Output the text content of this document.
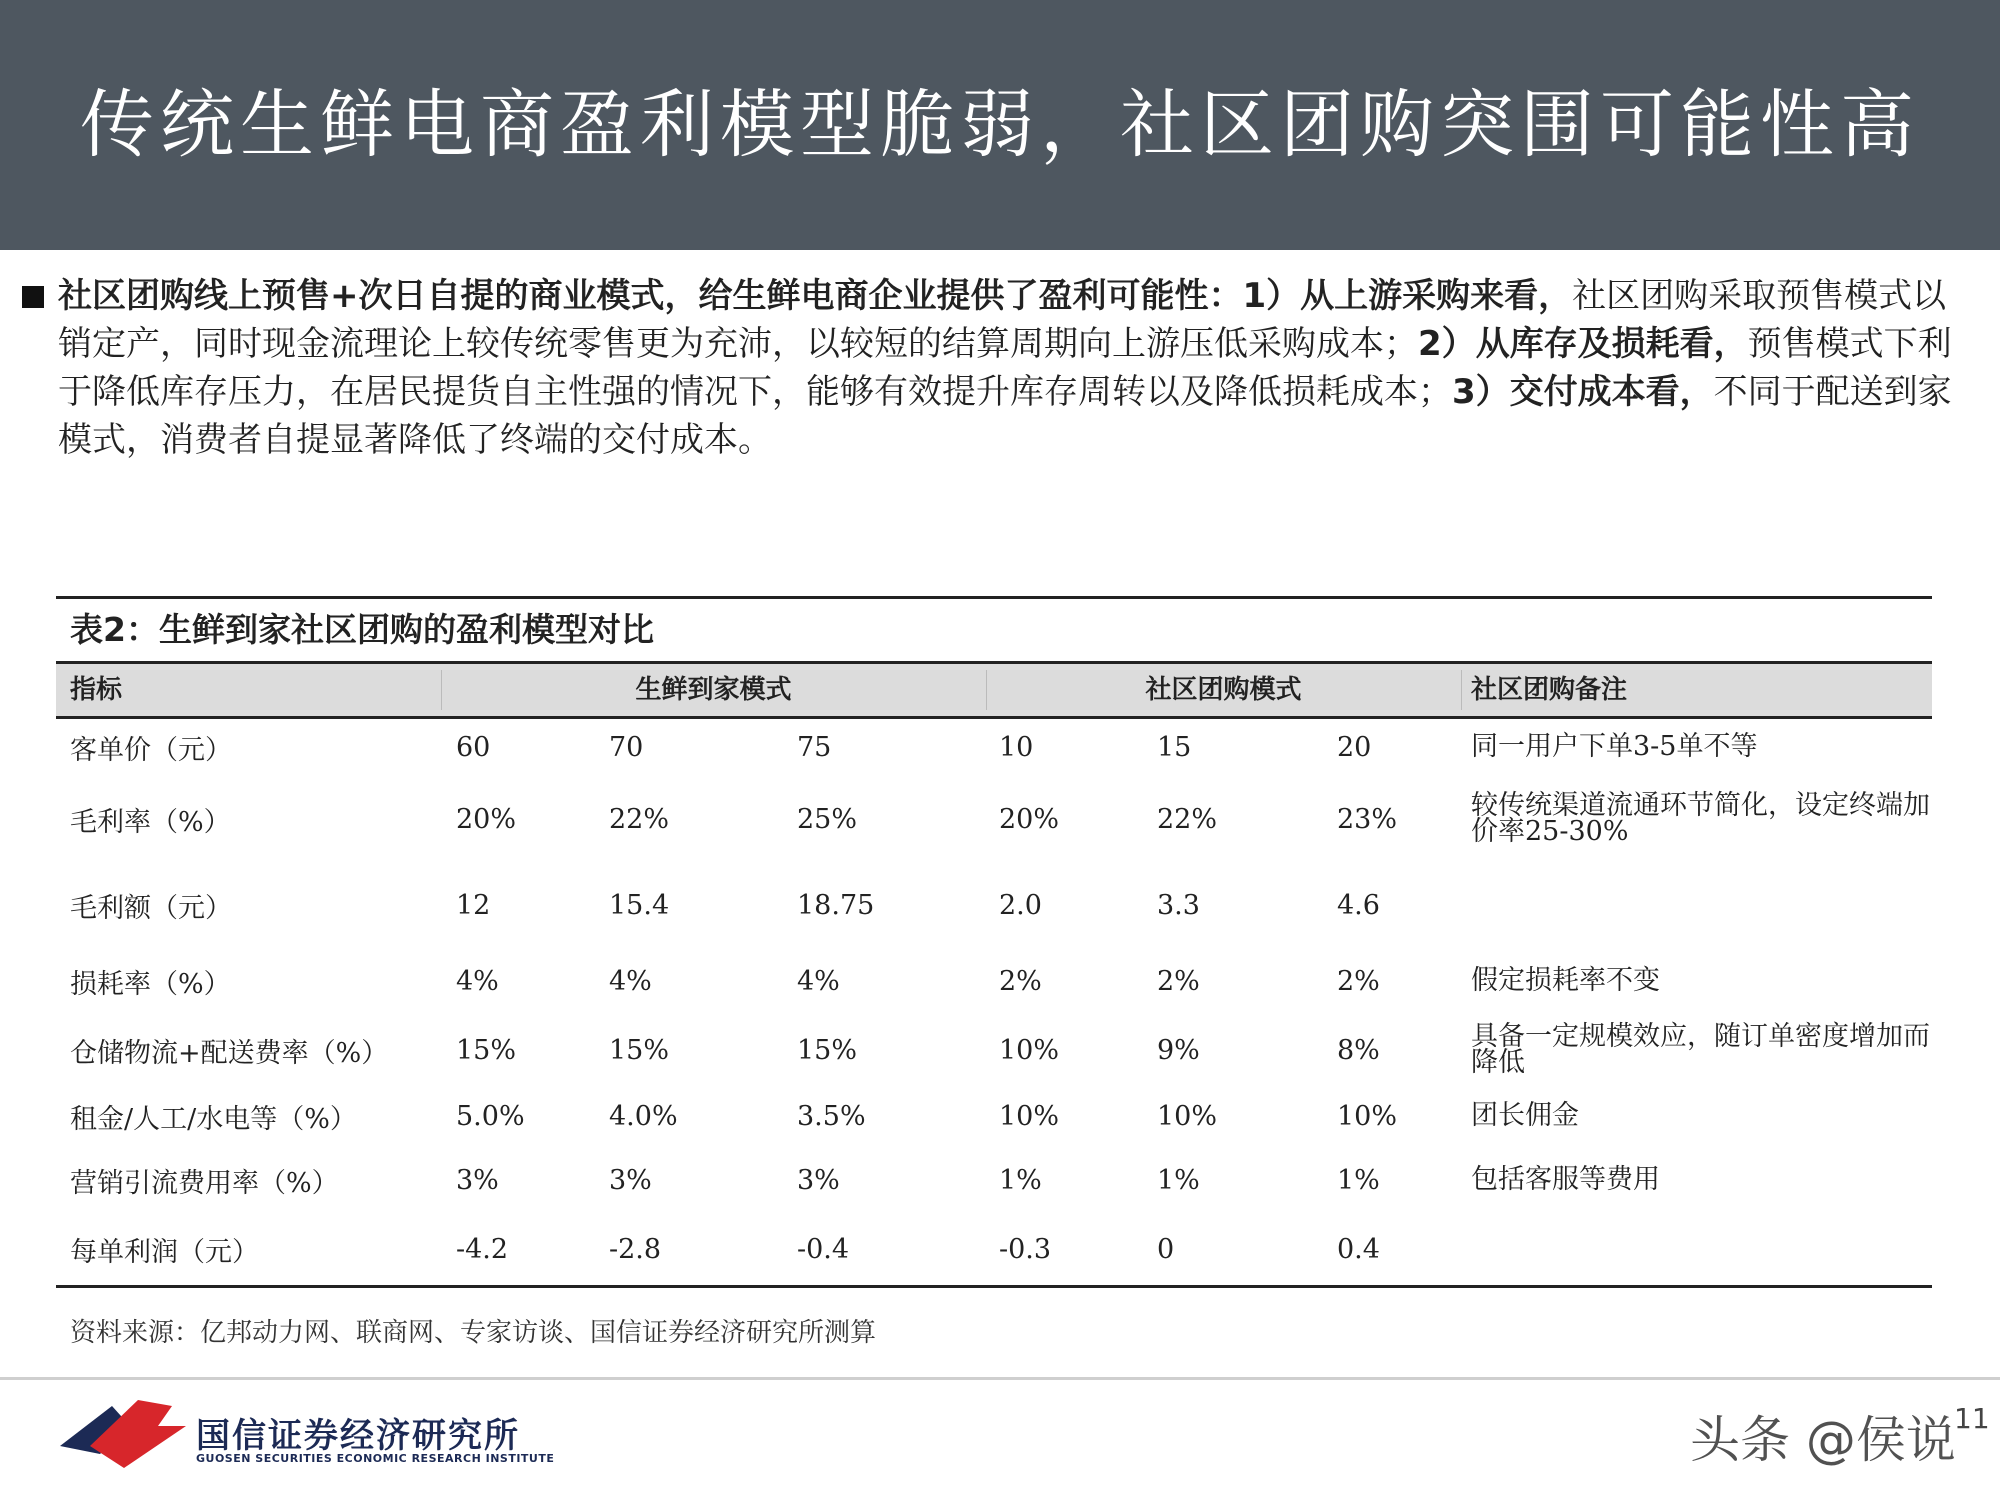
传统生鲜电商盈利模型脆弱，社区团购突围可能性高
社区团购线上预售+次日自提的商业模式，给生鲜电商企业提供了盈利可能性：1）从上游采购来看，社区团购采取预售模式以销定产，同时现金流理论上较传统零售更为充沛，以较短的结算周期向上游压低采购成本；2）从库存及损耗看，预售模式下利于降低库存压力，在居民提货自主性强的情况下，能够有效提升库存周转以及降低损耗成本；3）交付成本看，不同于配送到家模式，消费者自提显著降低了终端的交付成本。
表2：生鲜到家社区团购的盈利模型对比
指标	生鲜到家模式	社区团购模式	社区团购备注
客单价（元）	60	70	75	10	15	20	同一用户下单3-5单不等
毛利率（%）	20%	22%	25%	20%	22%	23%	较传统渠道流通环节简化，设定终端加价率25-30%
毛利额（元）	12	15.4	18.75	2.0	3.3	4.6
损耗率（%）	4%	4%	4%	2%	2%	2%	假定损耗率不变
仓储物流+配送费率（%）	15%	15%	15%	10%	9%	8%	具备一定规模效应，随订单密度增加而降低
租金/人工/水电等（%）	5.0%	4.0%	3.5%	10%	10%	10%	团长佣金
营销引流费用率（%）	3%	3%	3%	1%	1%	1%	包括客服等费用
每单利润（元）	-4.2	-2.8	-0.4	-0.3	0	0.4
资料来源：亿邦动力网、联商网、专家访谈、国信证券经济研究所测算
国信证券经济研究所
GUOSEN SECURITIES ECONOMIC RESEARCH INSTITUTE	头条 @侯说
11
